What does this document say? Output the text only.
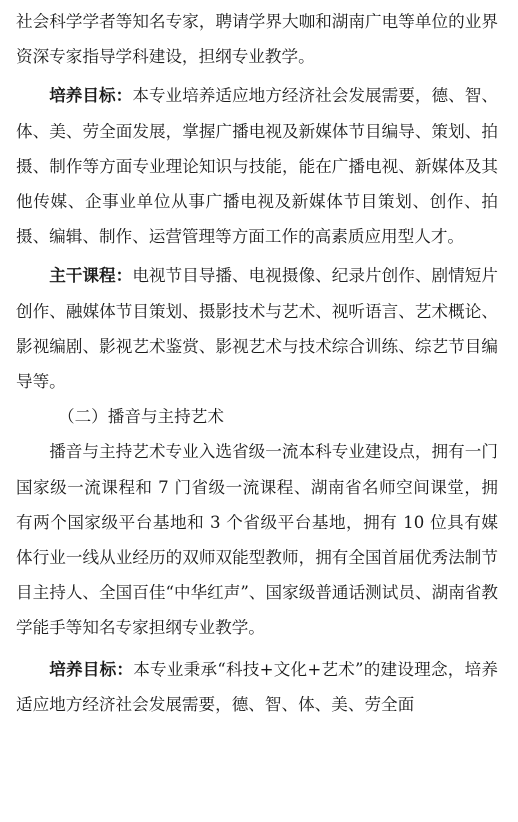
社会科学学者等知名专家，聘请学界大咖和湖南广电等单位的业界资深专家指导学科建设，担纲专业教学。

培养目标：本专业培养适应地方经济社会发展需要，德、智、体、美、劳全面发展，掌握广播电视及新媒体节目编导、策划、拍摄、制作等方面专业理论知识与技能，能在广播电视、新媒体及其他传媒、企事业单位从事广播电视及新媒体节目策划、创作、拍摄、编辑、制作、运营管理等方面工作的高素质应用型人才。

主干课程：电视节目导播、电视摄像、纪录片创作、剧情短片创作、融媒体节目策划、摄影技术与艺术、视听语言、艺术概论、影视编剧、影视艺术鉴赏、影视艺术与技术综合训练、综艺节目编导等。

（二）播音与主持艺术

播音与主持艺术专业入选省级一流本科专业建设点，拥有一门国家级一流课程和 7 门省级一流课程、湖南省名师空间课堂，拥有两个国家级平台基地和 3 个省级平台基地，拥有 10 位具有媒体行业一线从业经历的双师双能型教师，拥有全国首届优秀法制节目主持人、全国百佳“中华红声”、国家级普通话测试员、湖南省教学能手等知名专家担纲专业教学。

培养目标：本专业秉承“科技+文化+艺术”的建设理念，培养适应地方经济社会发展需要，德、智、体、美、劳全面
